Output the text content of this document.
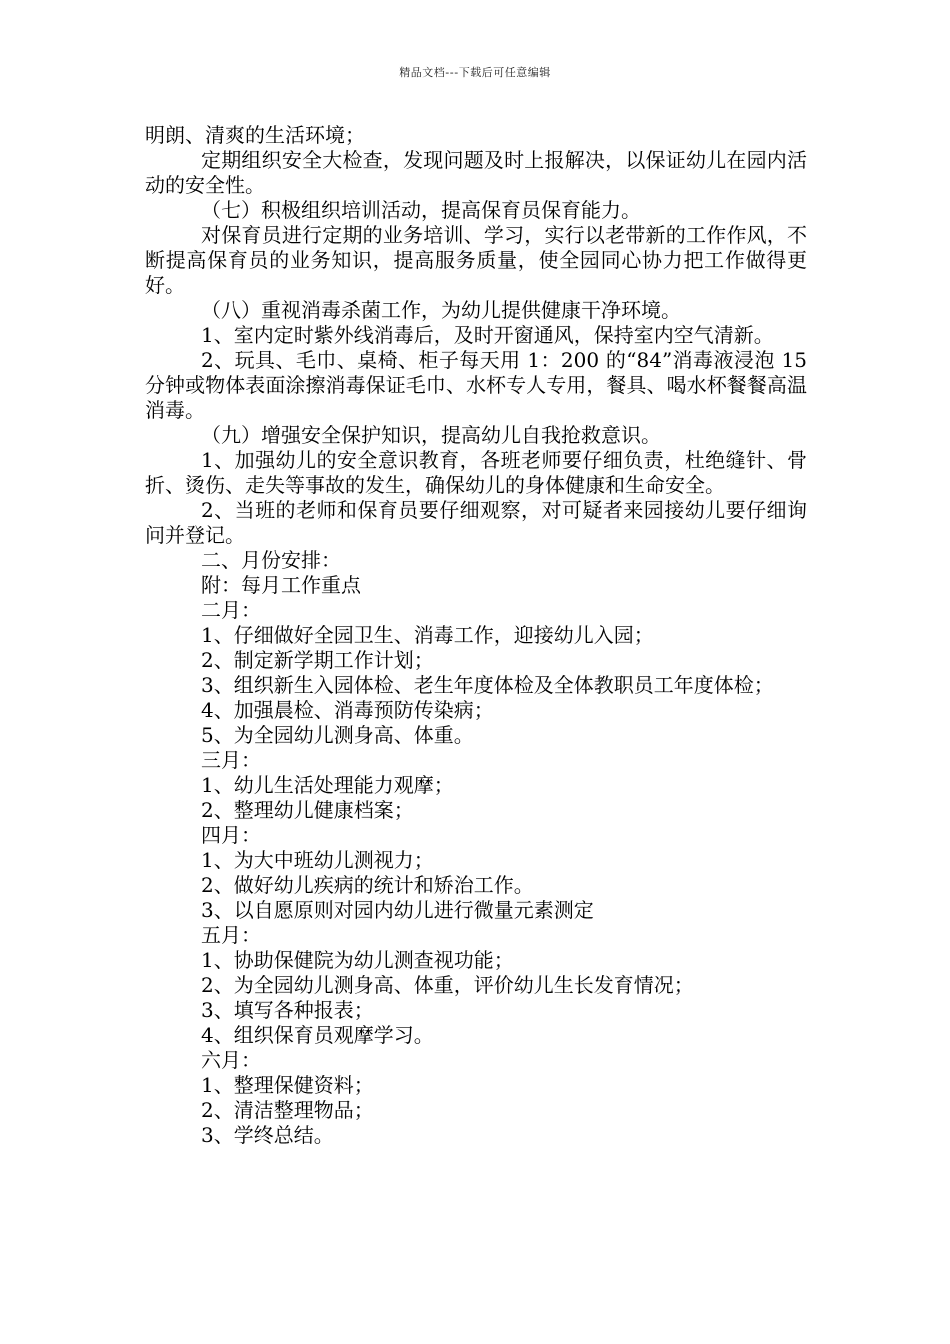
精品文档---下载后可任意编辑

明朗、清爽的生活环境；

定期组织安全大检查，发现问题及时上报解决，以保证幼儿在园内活动的安全性。

（七）积极组织培训活动，提高保育员保育能力。

对保育员进行定期的业务培训、学习，实行以老带新的工作作风，不断提高保育员的业务知识，提高服务质量，使全园同心协力把工作做得更好。

（八）重视消毒杀菌工作，为幼儿提供健康干净环境。

1、室内定时紫外线消毒后，及时开窗通风，保持室内空气清新。

2、玩具、毛巾、桌椅、柜子每天用 1：200 的“84”消毒液浸泡 15 分钟或物体表面涂擦消毒保证毛巾、水杯专人专用，餐具、喝水杯餐餐高温消毒。

（九）增强安全保护知识，提高幼儿自我抢救意识。

1、加强幼儿的安全意识教育，各班老师要仔细负责，杜绝缝针、骨折、烫伤、走失等事故的发生，确保幼儿的身体健康和生命安全。

2、当班的老师和保育员要仔细观察，对可疑者来园接幼儿要仔细询问并登记。

二、月份安排：

附：每月工作重点

二月：

1、仔细做好全园卫生、消毒工作，迎接幼儿入园；

2、制定新学期工作计划；

3、组织新生入园体检、老生年度体检及全体教职员工年度体检；

4、加强晨检、消毒预防传染病；

5、为全园幼儿测身高、体重。

三月：

1、幼儿生活处理能力观摩；

2、整理幼儿健康档案；

四月：

1、为大中班幼儿测视力；

2、做好幼儿疾病的统计和矫治工作。

3、以自愿原则对园内幼儿进行微量元素测定

五月：

1、协助保健院为幼儿测查视功能；

2、为全园幼儿测身高、体重，评价幼儿生长发育情况；

3、填写各种报表；

4、组织保育员观摩学习。

六月：

1、整理保健资料；

2、清洁整理物品；

3、学终总结。
